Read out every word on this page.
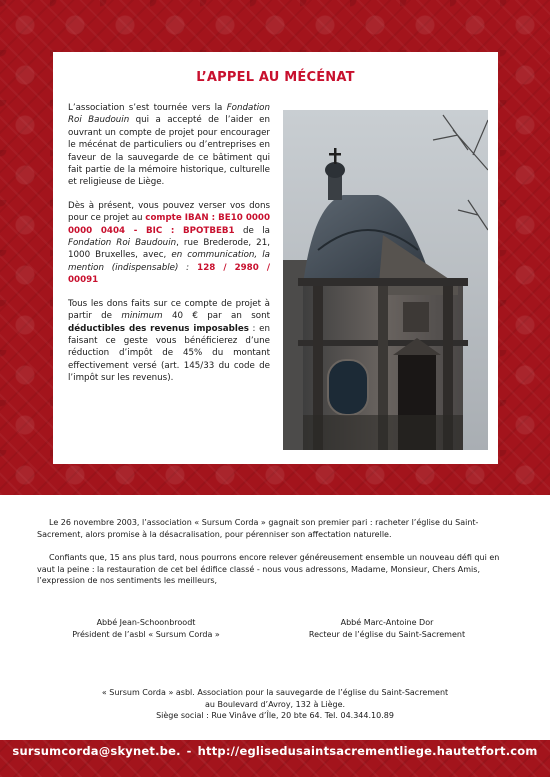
L’APPEL AU MÉCÉNAT

L’association s’est tournée vers la Fondation Roi Baudouin qui a accepté de l’aider en ouvrant un compte de projet pour encourager le mécénat de particuliers ou d’entreprises en faveur de la sauvegarde de ce bâtiment qui fait partie de la mémoire historique, culturelle et religieuse de Liège.

Dès à présent, vous pouvez verser vos dons pour ce projet au compte IBAN : BE10 0000 0000 0404 - BIC : BPOTBEB1 de la Fondation Roi Baudouin, rue Brederode, 21, 1000 Bruxelles, avec, en communication, la mention (indispensable) : 128 / 2980 / 00091

Tous les dons faits sur ce compte de projet à partir de minimum 40 € par an sont déductibles des revenus imposables : en faisant ce geste vous bénéficierez d’une réduction d’impôt de 45% du montant effectivement versé (art. 145/33 du code de l’impôt sur les revenus).

Le 26 novembre 2003, l’association « Sursum Corda » gagnait son premier pari : racheter l’église du Saint-Sacrement, alors promise à la désacralisation, pour pérenniser son affectation naturelle.

Confiants que, 15 ans plus tard, nous pourrons encore relever généreusement ensemble un nouveau défi qui en vaut la peine : la restauration de cet bel édifice classé - nous vous adressons, Madame, Monsieur, Chers Amis, l’expression de nos sentiments les meilleurs,

Abbé Jean-Schoonbroodt
Président de l’asbl « Sursum Corda »
Abbé Marc-Antoine Dor
Recteur de l’église du Saint-Sacrement
« Sursum Corda » asbl. Association pour la sauvegarde de l’église du Saint-Sacrement
au Boulevard d’Avroy, 132 à Liège.
Siège social : Rue Vinâve d’Île, 20 bte 64. Tel. 04.344.10.89
sursumcorda@skynet.be. - http://eglisedusaintsacrementliege.hautetfort.com
